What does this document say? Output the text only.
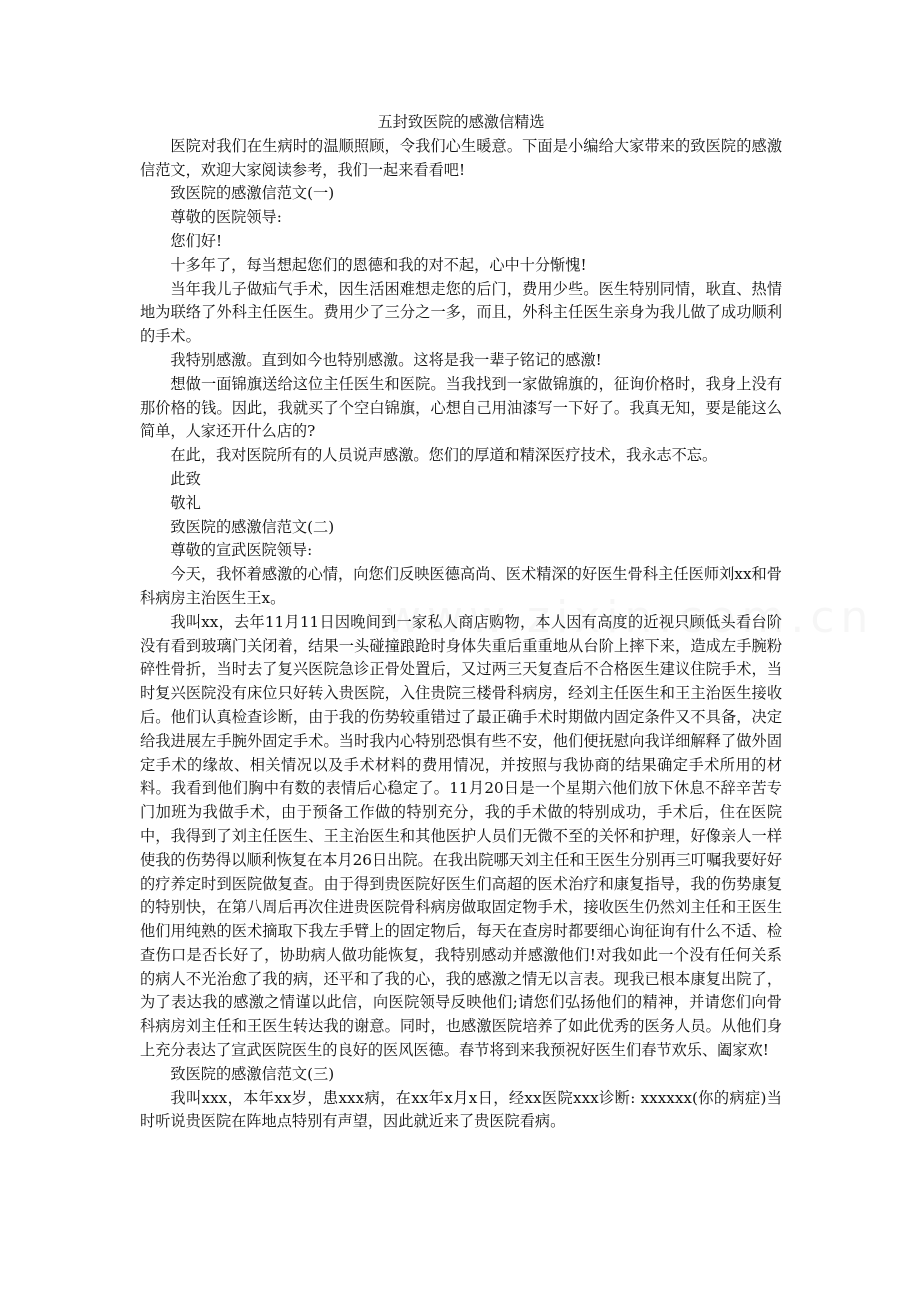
五封致医院的感激信精选

医院对我们在生病时的温顺照顾，令我们心生暖意。下面是小编给大家带来的致医院的感激信范文，欢迎大家阅读参考，我们一起来看看吧!

致医院的感激信范文(一)

尊敬的医院领导:

您们好!

十多年了，每当想起您们的恩德和我的对不起，心中十分惭愧!

当年我儿子做疝气手术，因生活困难想走您的后门，费用少些。医生特别同情，耿直、热情地为联络了外科主任医生。费用少了三分之一多，而且，外科主任医生亲身为我儿做了成功顺利的手术。

我特别感激。直到如今也特别感激。这将是我一辈子铭记的感激!

想做一面锦旗送给这位主任医生和医院。当我找到一家做锦旗的，征询价格时，我身上没有那价格的钱。因此，我就买了个空白锦旗，心想自己用油漆写一下好了。我真无知，要是能这么简单，人家还开什么店的?

在此，我对医院所有的人员说声感激。您们的厚道和精深医疗技术，我永志不忘。

此致

敬礼

致医院的感激信范文(二)

尊敬的宣武医院领导:

今天，我怀着感激的心情，向您们反映医德高尚、医术精深的好医生骨科主任医师刘xx和骨科病房主治医生王x。

我叫xx，去年11月11日因晚间到一家私人商店购物，本人因有高度的近视只顾低头看台阶没有看到玻璃门关闭着，结果一头碰撞踉跄时身体失重后重重地从台阶上摔下来，造成左手腕粉碎性骨折，当时去了复兴医院急诊正骨处置后，又过两三天复查后不合格医生建议住院手术，当时复兴医院没有床位只好转入贵医院，入住贵院三楼骨科病房，经刘主任医生和王主治医生接收后。他们认真检查诊断，由于我的伤势较重错过了最正确手术时期做内固定条件又不具备，决定给我进展左手腕外固定手术。当时我内心特别恐惧有些不安，他们便抚慰向我详细解释了做外固定手术的缘故、相关情况以及手术材料的费用情况，并按照与我协商的结果确定手术所用的材料。我看到他们胸中有数的表情后心稳定了。11月20日是一个星期六他们放下休息不辞辛苦专门加班为我做手术，由于预备工作做的特别充分，我的手术做的特别成功，手术后，住在医院中，我得到了刘主任医生、王主治医生和其他医护人员们无微不至的关怀和护理，好像亲人一样使我的伤势得以顺利恢复在本月26日出院。在我出院哪天刘主任和王医生分别再三叮嘱我要好好的疗养定时到医院做复查。由于得到贵医院好医生们高超的医术治疗和康复指导，我的伤势康复的特别快，在第八周后再次住进贵医院骨科病房做取固定物手术，接收医生仍然刘主任和王医生他们用纯熟的医术摘取下我左手臂上的固定物后，每天在查房时都要细心询征询有什么不适、检查伤口是否长好了，协助病人做功能恢复，我特别感动并感激他们!对我如此一个没有任何关系的病人不光治愈了我的病，还平和了我的心，我的感激之情无以言表。现我已根本康复出院了，为了表达我的感激之情谨以此信，向医院领导反映他们;请您们弘扬他们的精神，并请您们向骨科病房刘主任和王医生转达我的谢意。同时，也感激医院培养了如此优秀的医务人员。从他们身上充分表达了宣武医院医生的良好的医风医德。春节将到来我预祝好医生们春节欢乐、阖家欢!

致医院的感激信范文(三)

我叫xxx，本年xx岁，患xxx病，在xx年x月x日，经xx医院xxx诊断: xxxxxx(你的病症)当时听说贵医院在阵地点特别有声望，因此就近来了贵医院看病。
